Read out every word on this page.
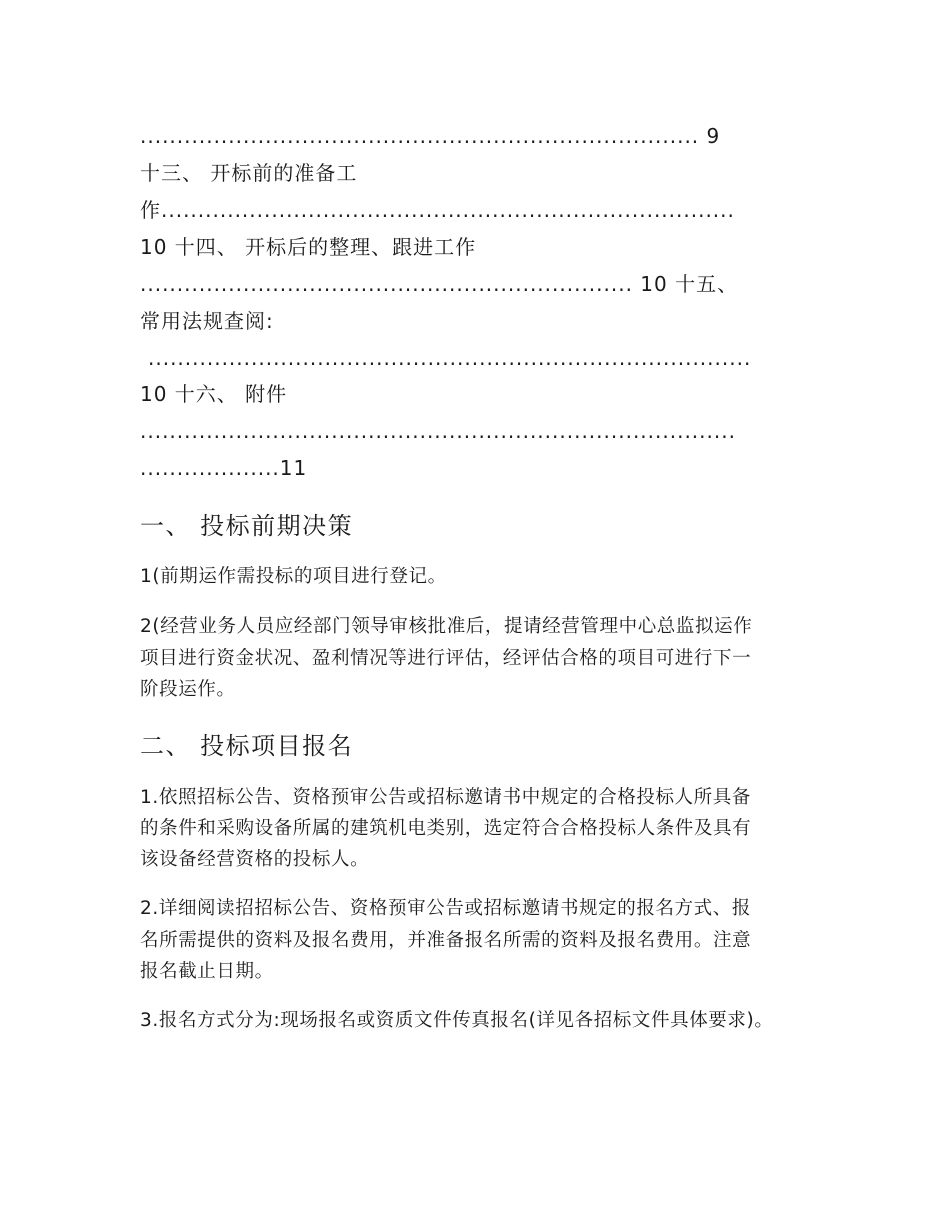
............................................................................ 9
十三、 开标前的准备工
作..............................................................................
10 十四、 开标后的整理、跟进工作
................................................................... 10 十五、
常用法规查阅:
..................................................................................
10 十六、 附件
.................................................................................
...................11
一、 投标前期决策
1(前期运作需投标的项目进行登记。
2(经营业务人员应经部门领导审核批准后，提请经营管理中心总监拟运作
项目进行资金状况、盈利情况等进行评估，经评估合格的项目可进行下一
阶段运作。
二、 投标项目报名
1.依照招标公告、资格预审公告或招标邀请书中规定的合格投标人所具备
的条件和采购设备所属的建筑机电类别，选定符合合格投标人条件及具有
该设备经营资格的投标人。
2.详细阅读招招标公告、资格预审公告或招标邀请书规定的报名方式、报
名所需提供的资料及报名费用，并准备报名所需的资料及报名费用。注意
报名截止日期。
3.报名方式分为:现场报名或资质文件传真报名(详见各招标文件具体要求)。
